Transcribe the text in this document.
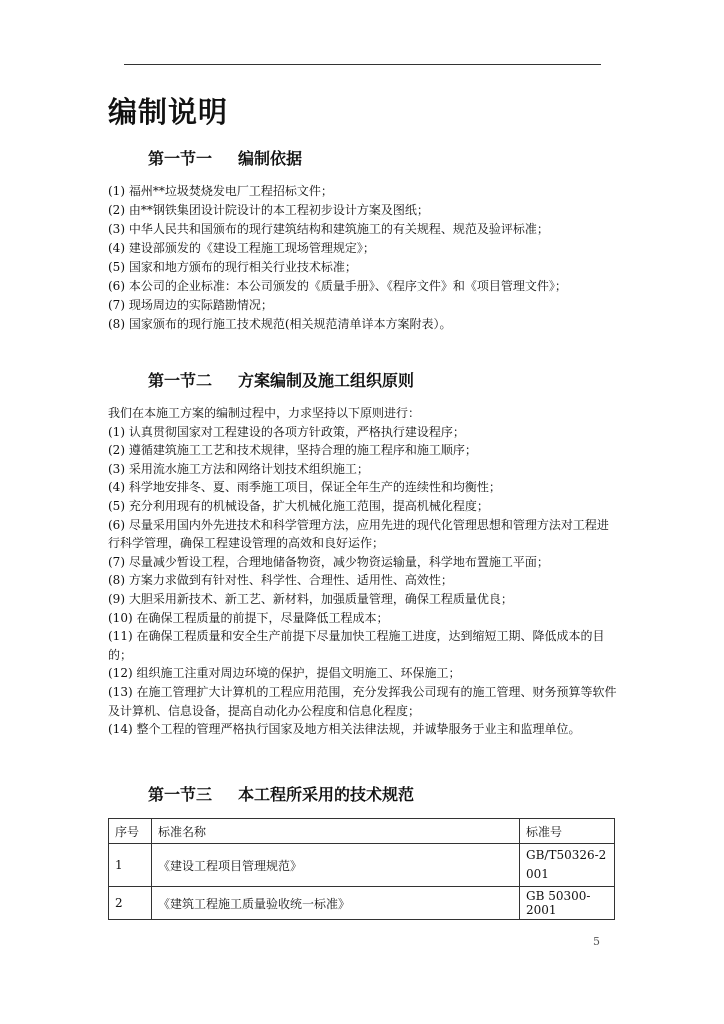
编制说明
第一节一 编制依据
(1) 福州**垃圾焚烧发电厂工程招标文件；
(2) 由**钢铁集团设计院设计的本工程初步设计方案及图纸；
(3) 中华人民共和国颁布的现行建筑结构和建筑施工的有关规程、规范及验评标准；
(4) 建设部颁发的《建设工程施工现场管理规定》；
(5) 国家和地方颁布的现行相关行业技术标准；
(6) 本公司的企业标准：本公司颁发的《质量手册》、《程序文件》和《项目管理文件》；
(7) 现场周边的实际踏勘情况；
(8) 国家颁布的现行施工技术规范(相关规范清单详本方案附表）。
第一节二 方案编制及施工组织原则

我们在本施工方案的编制过程中，力求坚持以下原则进行：

(1) 认真贯彻国家对工程建设的各项方针政策，严格执行建设程序；
(2) 遵循建筑施工工艺和技术规律，坚持合理的施工程序和施工顺序；
(3) 采用流水施工方法和网络计划技术组织施工；
(4) 科学地安排冬、夏、雨季施工项目，保证全年生产的连续性和均衡性；
(5) 充分利用现有的机械设备，扩大机械化施工范围，提高机械化程度；
(6) 尽量采用国内外先进技术和科学管理方法，应用先进的现代化管理思想和管理方法对工程进行科学管理，确保工程建设管理的高效和良好运作；
(7) 尽量减少暂设工程，合理地储备物资，减少物资运输量，科学地布置施工平面；
(8) 方案力求做到有针对性、科学性、合理性、适用性、高效性；
(9) 大胆采用新技术、新工艺、新材料，加强质量管理，确保工程质量优良；
(10) 在确保工程质量的前提下，尽量降低工程成本；
(11) 在确保工程质量和安全生产前提下尽量加快工程施工进度，达到缩短工期、降低成本的目的；
(12) 组织施工注重对周边环境的保护，提倡文明施工、环保施工；
(13) 在施工管理扩大计算机的工程应用范围，充分发挥我公司现有的施工管理、财务预算等软件及计算机、信息设备，提高自动化办公程度和信息化程度；
(14) 整个工程的管理严格执行国家及地方相关法律法规，并诚挚服务于业主和监理单位。
第一节三 本工程所采用的技术规范
序号	标准名称	标准号
1	《建设工程项目管理规范》	GB/T50326-2001
2	《建筑工程施工质量验收统一标准》	GB 50300-2001
5
